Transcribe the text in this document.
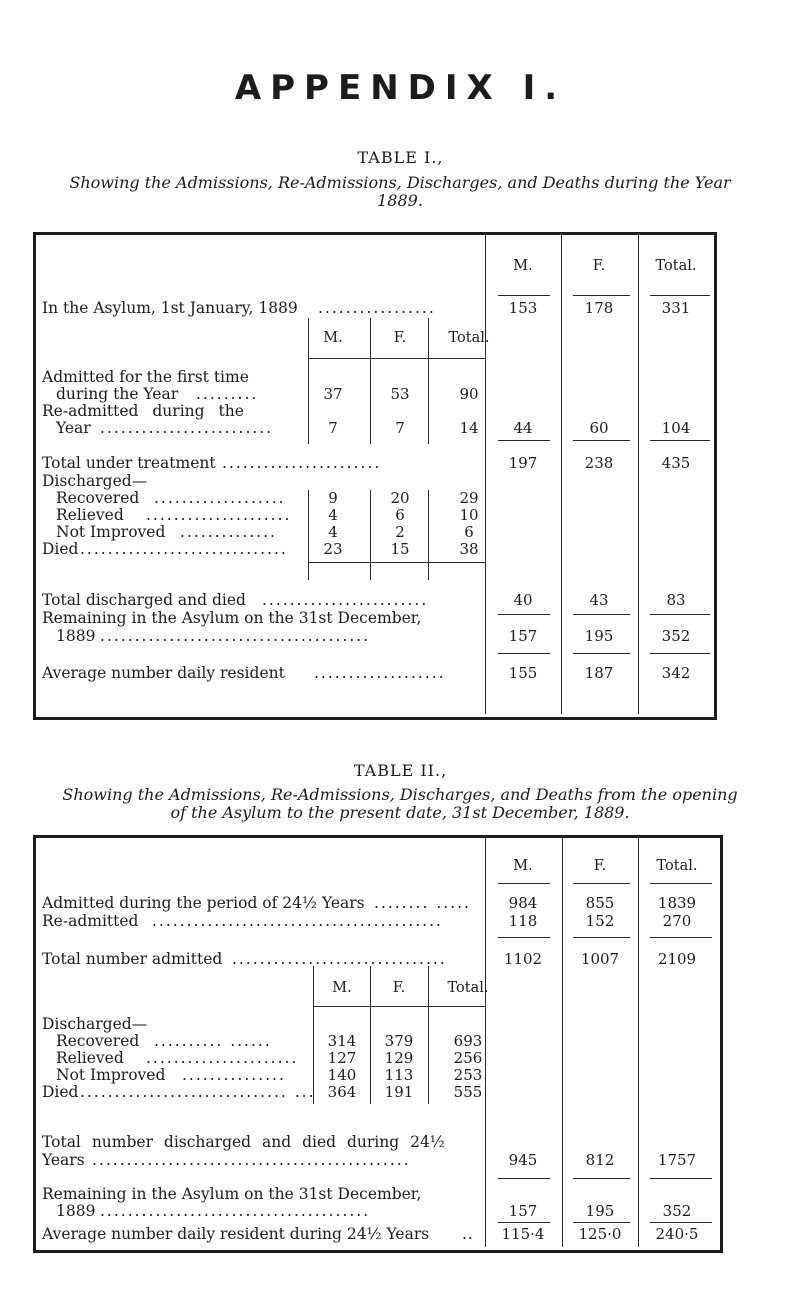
APPENDIX I.
TABLE I.,
Showing the Admissions, Re-Admissions, Discharges, and Deaths during the Year
1889.
M.	F.	Total.
In the Asylum, 1st January, 1889 .................	153	178	331
M.	F.	Total.
Admitted for the first time
during the Year .........	37	53	90
Re-admitted during the
Year .........................	7	7	14	44	60	104
Total under treatment .......................	197	238	435
Discharged—
Recovered ...................	9	20	29
Relieved .....................	4	6	10
Not Improved ..............	4	2	6
Died ..............................	23	15	38
Total discharged and died ........................	40	43	83
Remaining in the Asylum on the 31st December,
1889 .......................................	157	195	352
Average number daily resident ...................	155	187	342
TABLE II.,
Showing the Admissions, Re-Admissions, Discharges, and Deaths from the opening
of the Asylum to the present date, 31st December, 1889.
M.	F.	Total.
Admitted during the period of 24½ Years ........ .....	984	855	1839
Re-admitted ..........................................	118	152	270
Total number admitted ...............................	1102	1007	2109
M.	F.	Total.
Discharged—
Recovered .......... ......	314	379	693
Relieved ......................	127	129	256
Not Improved ...............	140	113	253
Died .............................. ... 364	191	555
Total number discharged and died during 24½
Years ..............................................	945	812	1757
Remaining in the Asylum on the 31st December,
1889 .......................................	157	195	352
Average number daily resident during 24½ Years ..	115·4	125·0	240·5
